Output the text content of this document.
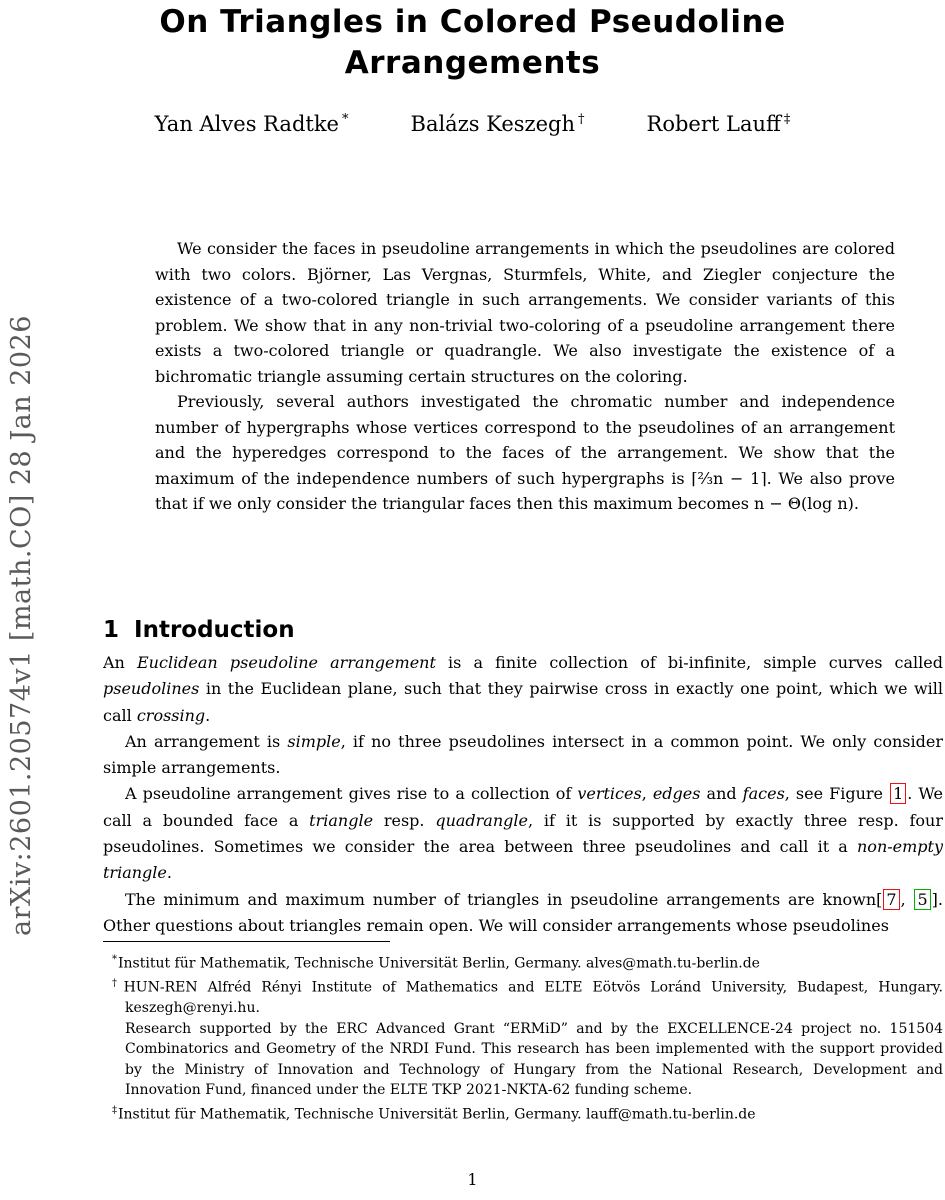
arXiv:2601.20574v1 [math.CO] 28 Jan 2026
On Triangles in Colored Pseudoline Arrangements
Yan Alves Radtke *	Balázs Keszegh †	Robert Lauff ‡

We consider the faces in pseudoline arrangements in which the pseudolines are colored with two colors. Björner, Las Vergnas, Sturmfels, White, and Ziegler conjecture the existence of a two-colored triangle in such arrangements. We consider variants of this problem. We show that in any non-trivial two-coloring of a pseudoline arrangement there exists a two-colored triangle or quadrangle. We also investigate the existence of a bichromatic triangle assuming certain structures on the coloring.

Previously, several authors investigated the chromatic number and independence number of hypergraphs whose vertices correspond to the pseudolines of an arrangement and the hyperedges correspond to the faces of the arrangement. We show that the maximum of the independence numbers of such hypergraphs is ⌈²⁄₃n − 1⌉. We also prove that if we only consider the triangular faces then this maximum becomes n − Θ(log n).

1 Introduction

An Euclidean pseudoline arrangement is a finite collection of bi-infinite, simple curves called pseudolines in the Euclidean plane, such that they pairwise cross in exactly one point, which we will call crossing.

An arrangement is simple, if no three pseudolines intersect in a common point. We only consider simple arrangements.

A pseudoline arrangement gives rise to a collection of vertices, edges and faces, see Figure 1 . We call a bounded face a triangle resp. quadrangle, if it is supported by exactly three resp. four pseudolines. Sometimes we consider the area between three pseudolines and call it a non-empty triangle.

The minimum and maximum number of triangles in pseudoline arrangements are known[ 7 , 5 ]. Other questions about triangles remain open. We will consider arrangements whose pseudolines

*Institut für Mathematik, Technische Universität Berlin, Germany. alves@math.tu-berlin.de

†HUN-REN Alfréd Rényi Institute of Mathematics and ELTE Eötvös Loránd University, Budapest, Hungary. keszegh@renyi.hu.

Research supported by the ERC Advanced Grant “ERMiD” and by the EXCELLENCE-24 project no. 151504 Combinatorics and Geometry of the NRDI Fund. This research has been implemented with the support provided by the Ministry of Innovation and Technology of Hungary from the National Research, Development and Innovation Fund, financed under the ELTE TKP 2021-NKTA-62 funding scheme.

‡Institut für Mathematik, Technische Universität Berlin, Germany. lauff@math.tu-berlin.de

1
